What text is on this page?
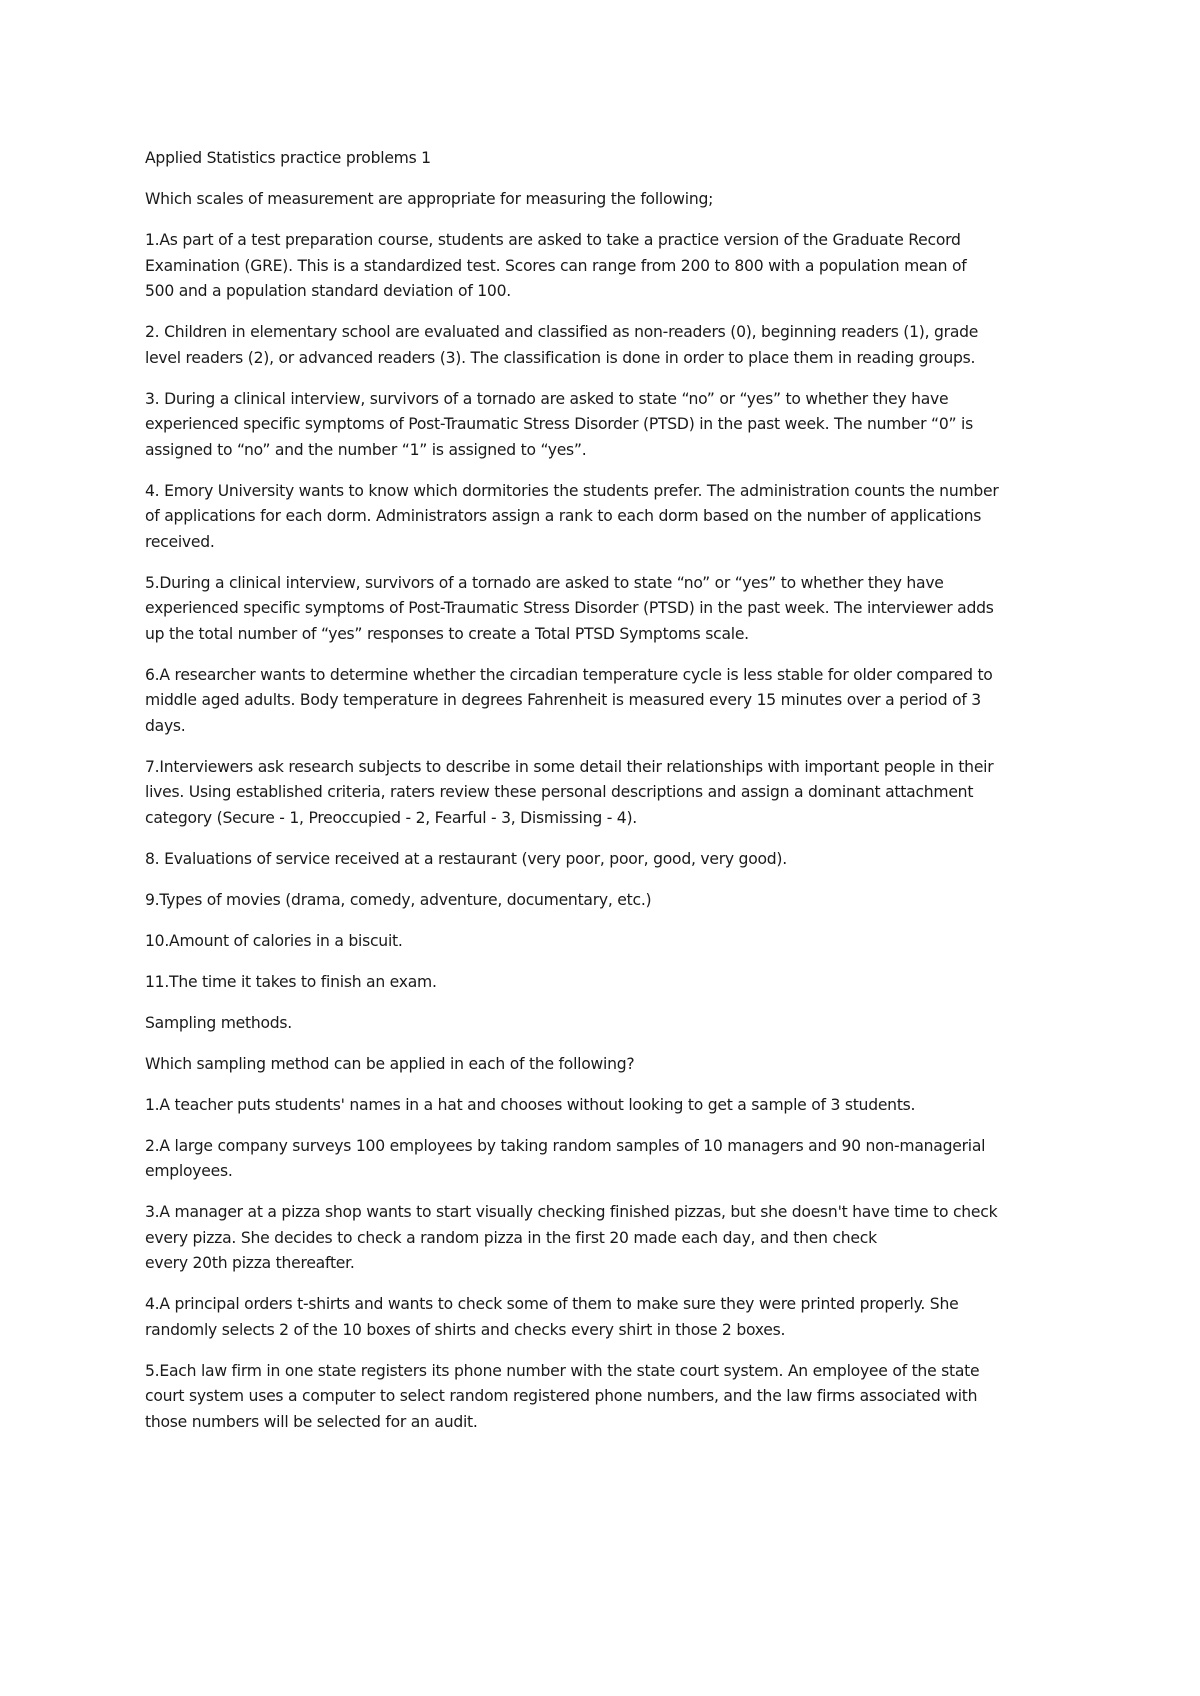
Applied Statistics practice problems 1

Which scales of measurement are appropriate for measuring the following;

1.As part of a test preparation course, students are asked to take a practice version of the Graduate Record
Examination (GRE). This is a standardized test. Scores can range from 200 to 800 with a population mean of
500 and a population standard deviation of 100.

2. Children in elementary school are evaluated and classified as non-readers (0), beginning readers (1), grade
level readers (2), or advanced readers (3). The classification is done in order to place them in reading groups.

3. During a clinical interview, survivors of a tornado are asked to state “no” or “yes” to whether they have
experienced specific symptoms of Post-Traumatic Stress Disorder (PTSD) in the past week. The number “0” is
assigned to “no” and the number “1” is assigned to “yes”.

4. Emory University wants to know which dormitories the students prefer. The administration counts the number
of applications for each dorm. Administrators assign a rank to each dorm based on the number of applications
received.

5.During a clinical interview, survivors of a tornado are asked to state “no” or “yes” to whether they have
experienced specific symptoms of Post-Traumatic Stress Disorder (PTSD) in the past week. The interviewer adds
up the total number of “yes” responses to create a Total PTSD Symptoms scale.

6.A researcher wants to determine whether the circadian temperature cycle is less stable for older compared to
middle aged adults. Body temperature in degrees Fahrenheit is measured every 15 minutes over a period of 3
days.

7.Interviewers ask research subjects to describe in some detail their relationships with important people in their
lives. Using established criteria, raters review these personal descriptions and assign a dominant attachment
category (Secure - 1, Preoccupied - 2, Fearful - 3, Dismissing - 4).

8. Evaluations of service received at a restaurant (very poor, poor, good, very good).

9.Types of movies (drama, comedy, adventure, documentary, etc.)

10.Amount of calories in a biscuit.

11.The time it takes to finish an exam.

Sampling methods.

Which sampling method can be applied in each of the following?

1.A teacher puts students' names in a hat and chooses without looking to get a sample of 3 students.

2.A large company surveys 100 employees by taking random samples of 10 managers and 90 non-managerial
employees.

3.A manager at a pizza shop wants to start visually checking finished pizzas, but she doesn't have time to check
every pizza. She decides to check a random pizza in the first 20 made each day, and then check
every 20th pizza thereafter.

4.A principal orders t-shirts and wants to check some of them to make sure they were printed properly. She
randomly selects 2 of the 10 boxes of shirts and checks every shirt in those 2 boxes.

5.Each law firm in one state registers its phone number with the state court system. An employee of the state
court system uses a computer to select random registered phone numbers, and the law firms associated with
those numbers will be selected for an audit.
